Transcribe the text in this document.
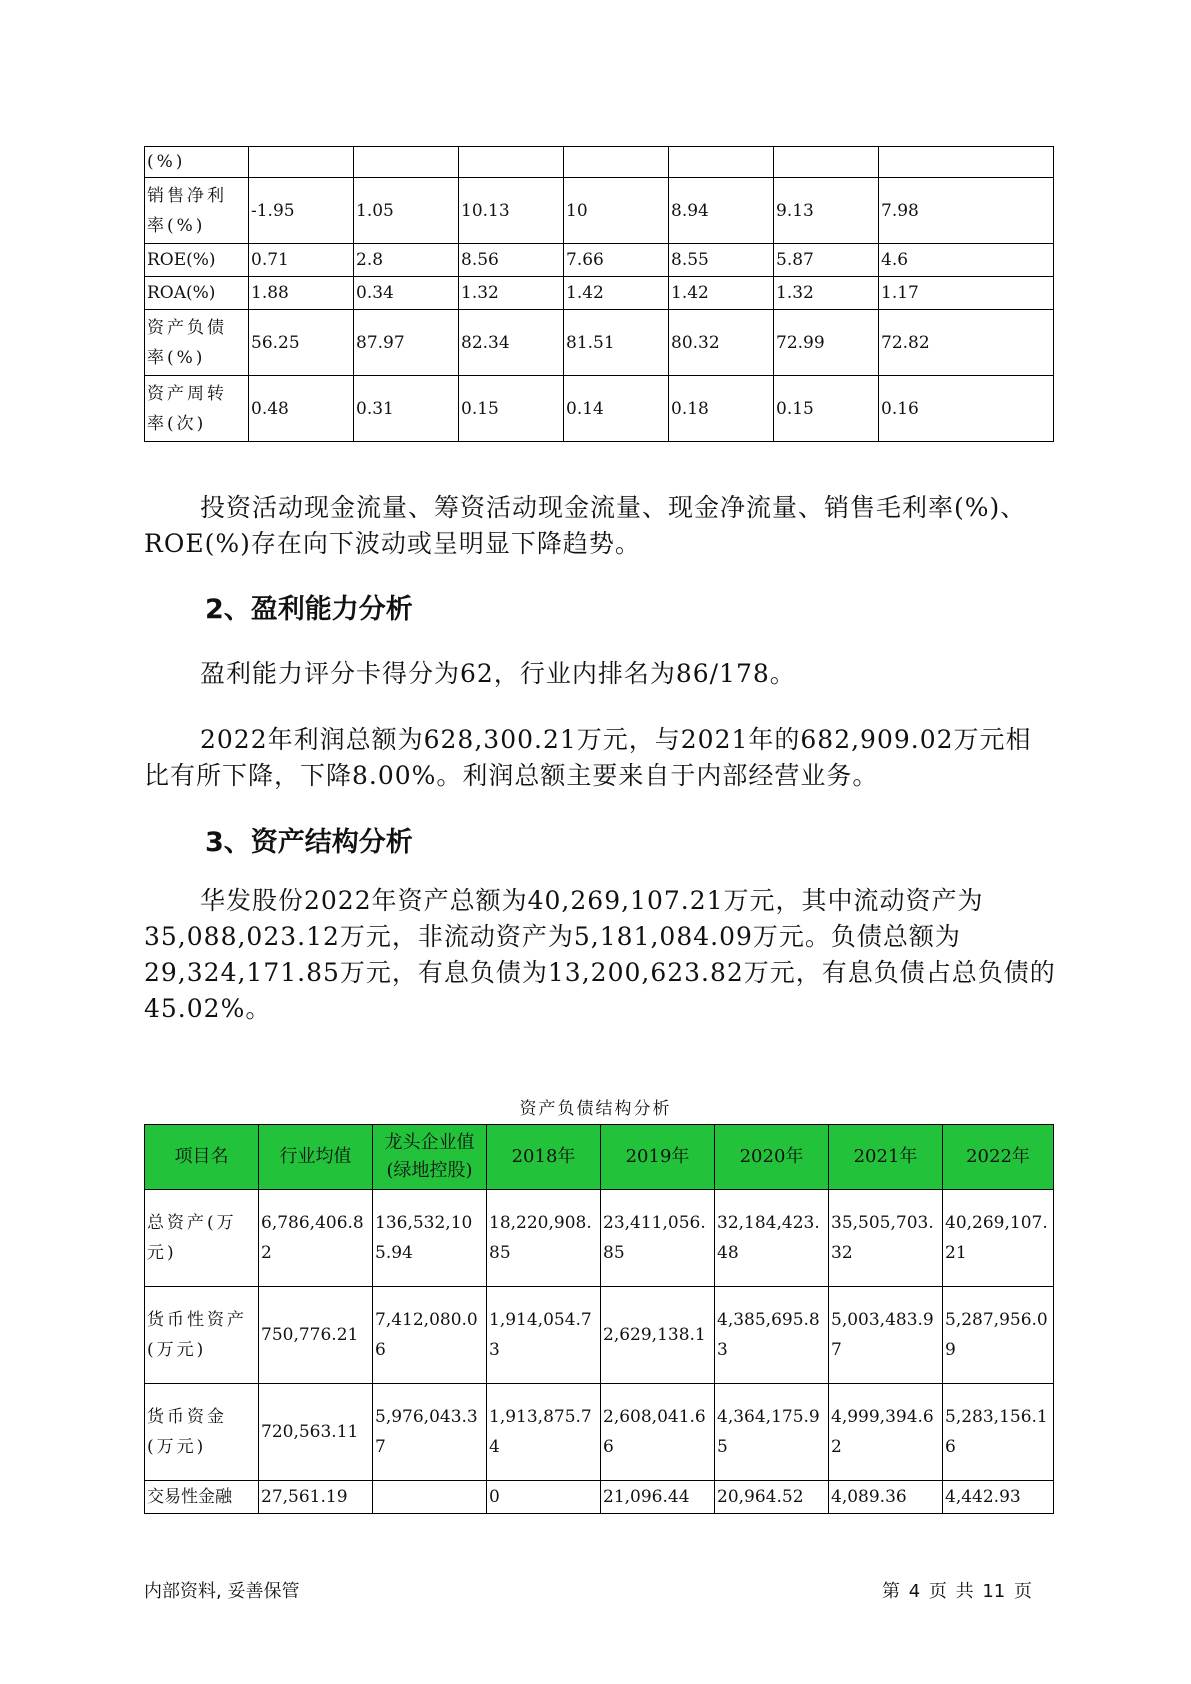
(%)							
销售净利率(%)	-1.95	1.05	10.13	10	8.94	9.13	7.98
ROE(%)	0.71	2.8	8.56	7.66	8.55	5.87	4.6
ROA(%)	1.88	0.34	1.32	1.42	1.42	1.32	1.17
资产负债率(%)	56.25	87.97	82.34	81.51	80.32	72.99	72.82
资产周转率(次)	0.48	0.31	0.15	0.14	0.18	0.15	0.16

投资活动现金流量、筹资活动现金流量、现金净流量、销售毛利率(%)、ROE(%)存在向下波动或呈明显下降趋势。

2、盈利能力分析

盈利能力评分卡得分为62，行业内排名为86/178。

2022年利润总额为628,300.21万元，与2021年的682,909.02万元相比有所下降，下降8.00%。利润总额主要来自于内部经营业务。

3、资产结构分析

华发股份2022年资产总额为40,269,107.21万元，其中流动资产为35,088,023.12万元，非流动资产为5,181,084.09万元。负债总额为29,324,171.85万元，有息负债为13,200,623.82万元，有息负债占总负债的45.02%。

资产负债结构分析
项目名	行业均值	龙头企业值(绿地控股)	2018年	2019年	2020年	2021年	2022年
总资产(万元)	6,786,406.82	136,532,105.94	18,220,908.85	23,411,056.85	32,184,423.48	35,505,703.32	40,269,107.21
货币性资产(万元)	750,776.21	7,412,080.06	1,914,054.73	2,629,138.1	4,385,695.83	5,003,483.97	5,287,956.09
货币资金(万元)	720,563.11	5,976,043.37	1,913,875.74	2,608,041.66	4,364,175.95	4,999,394.62	5,283,156.16
交易性金融	27,561.19		0	21,096.44	20,964.52	4,089.36	4,442.93
内部资料, 妥善保管	第 4 页 共 11 页
